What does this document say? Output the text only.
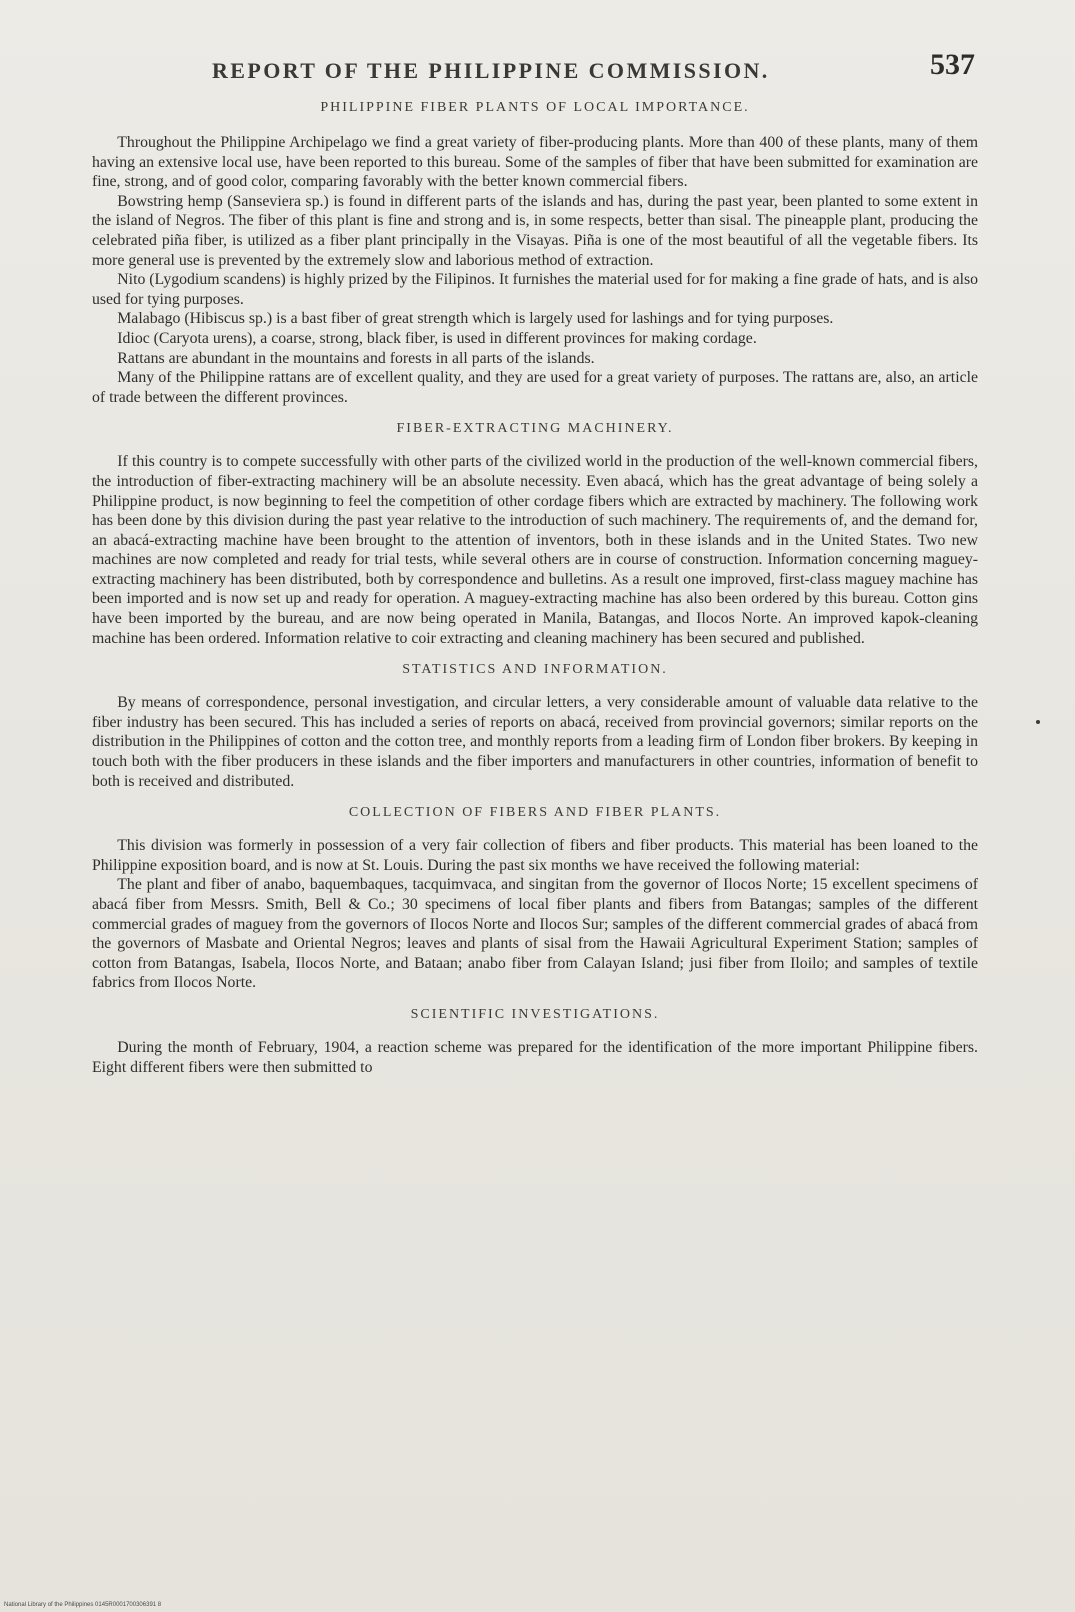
REPORT OF THE PHILIPPINE COMMISSION.	537
PHILIPPINE FIBER PLANTS OF LOCAL IMPORTANCE.

Throughout the Philippine Archipelago we find a great variety of fiber-producing plants. More than 400 of these plants, many of them having an extensive local use, have been reported to this bureau. Some of the samples of fiber that have been submitted for examination are fine, strong, and of good color, comparing favorably with the better known commercial fibers.

Bowstring hemp (Sanseviera sp.) is found in different parts of the islands and has, during the past year, been planted to some extent in the island of Negros. The fiber of this plant is fine and strong and is, in some respects, better than sisal. The pineapple plant, producing the celebrated piña fiber, is utilized as a fiber plant principally in the Visayas. Piña is one of the most beautiful of all the vegetable fibers. Its more general use is prevented by the extremely slow and laborious method of extraction.

Nito (Lygodium scandens) is highly prized by the Filipinos. It furnishes the material used for for making a fine grade of hats, and is also used for tying purposes.

Malabago (Hibiscus sp.) is a bast fiber of great strength which is largely used for lashings and for tying purposes.

Idioc (Caryota urens), a coarse, strong, black fiber, is used in different provinces for making cordage.

Rattans are abundant in the mountains and forests in all parts of the islands.

Many of the Philippine rattans are of excellent quality, and they are used for a great variety of purposes. The rattans are, also, an article of trade between the different provinces.

FIBER-EXTRACTING MACHINERY.

If this country is to compete successfully with other parts of the civilized world in the production of the well-known commercial fibers, the introduction of fiber-extracting machinery will be an absolute necessity. Even abacá, which has the great advantage of being solely a Philippine product, is now beginning to feel the competition of other cordage fibers which are extracted by machinery. The following work has been done by this division during the past year relative to the introduction of such machinery. The requirements of, and the demand for, an abacá-extracting machine have been brought to the attention of inventors, both in these islands and in the United States. Two new machines are now completed and ready for trial tests, while several others are in course of construction. Information concerning maguey-extracting machinery has been distributed, both by correspondence and bulletins. As a result one improved, first-class maguey machine has been imported and is now set up and ready for operation. A maguey-extracting machine has also been ordered by this bureau. Cotton gins have been imported by the bureau, and are now being operated in Manila, Batangas, and Ilocos Norte. An improved kapok-cleaning machine has been ordered. Information relative to coir extracting and cleaning machinery has been secured and published.

STATISTICS AND INFORMATION.

By means of correspondence, personal investigation, and circular letters, a very considerable amount of valuable data relative to the fiber industry has been secured. This has included a series of reports on abacá, received from provincial governors; similar reports on the distribution in the Philippines of cotton and the cotton tree, and monthly reports from a leading firm of London fiber brokers. By keeping in touch both with the fiber producers in these islands and the fiber importers and manufacturers in other countries, information of benefit to both is received and distributed.

COLLECTION OF FIBERS AND FIBER PLANTS.

This division was formerly in possession of a very fair collection of fibers and fiber products. This material has been loaned to the Philippine exposition board, and is now at St. Louis. During the past six months we have received the following material:

The plant and fiber of anabo, baquembaques, tacquimvaca, and singitan from the governor of Ilocos Norte; 15 excellent specimens of abacá fiber from Messrs. Smith, Bell & Co.; 30 specimens of local fiber plants and fibers from Batangas; samples of the different commercial grades of maguey from the governors of Ilocos Norte and Ilocos Sur; samples of the different commercial grades of abacá from the governors of Masbate and Oriental Negros; leaves and plants of sisal from the Hawaii Agricultural Experiment Station; samples of cotton from Batangas, Isabela, Ilocos Norte, and Bataan; anabo fiber from Calayan Island; jusi fiber from Iloilo; and samples of textile fabrics from Ilocos Norte.

SCIENTIFIC INVESTIGATIONS.

During the month of February, 1904, a reaction scheme was prepared for the identification of the more important Philippine fibers. Eight different fibers were then submitted to

National Library of the Philippines 0145R0001700306391 8
